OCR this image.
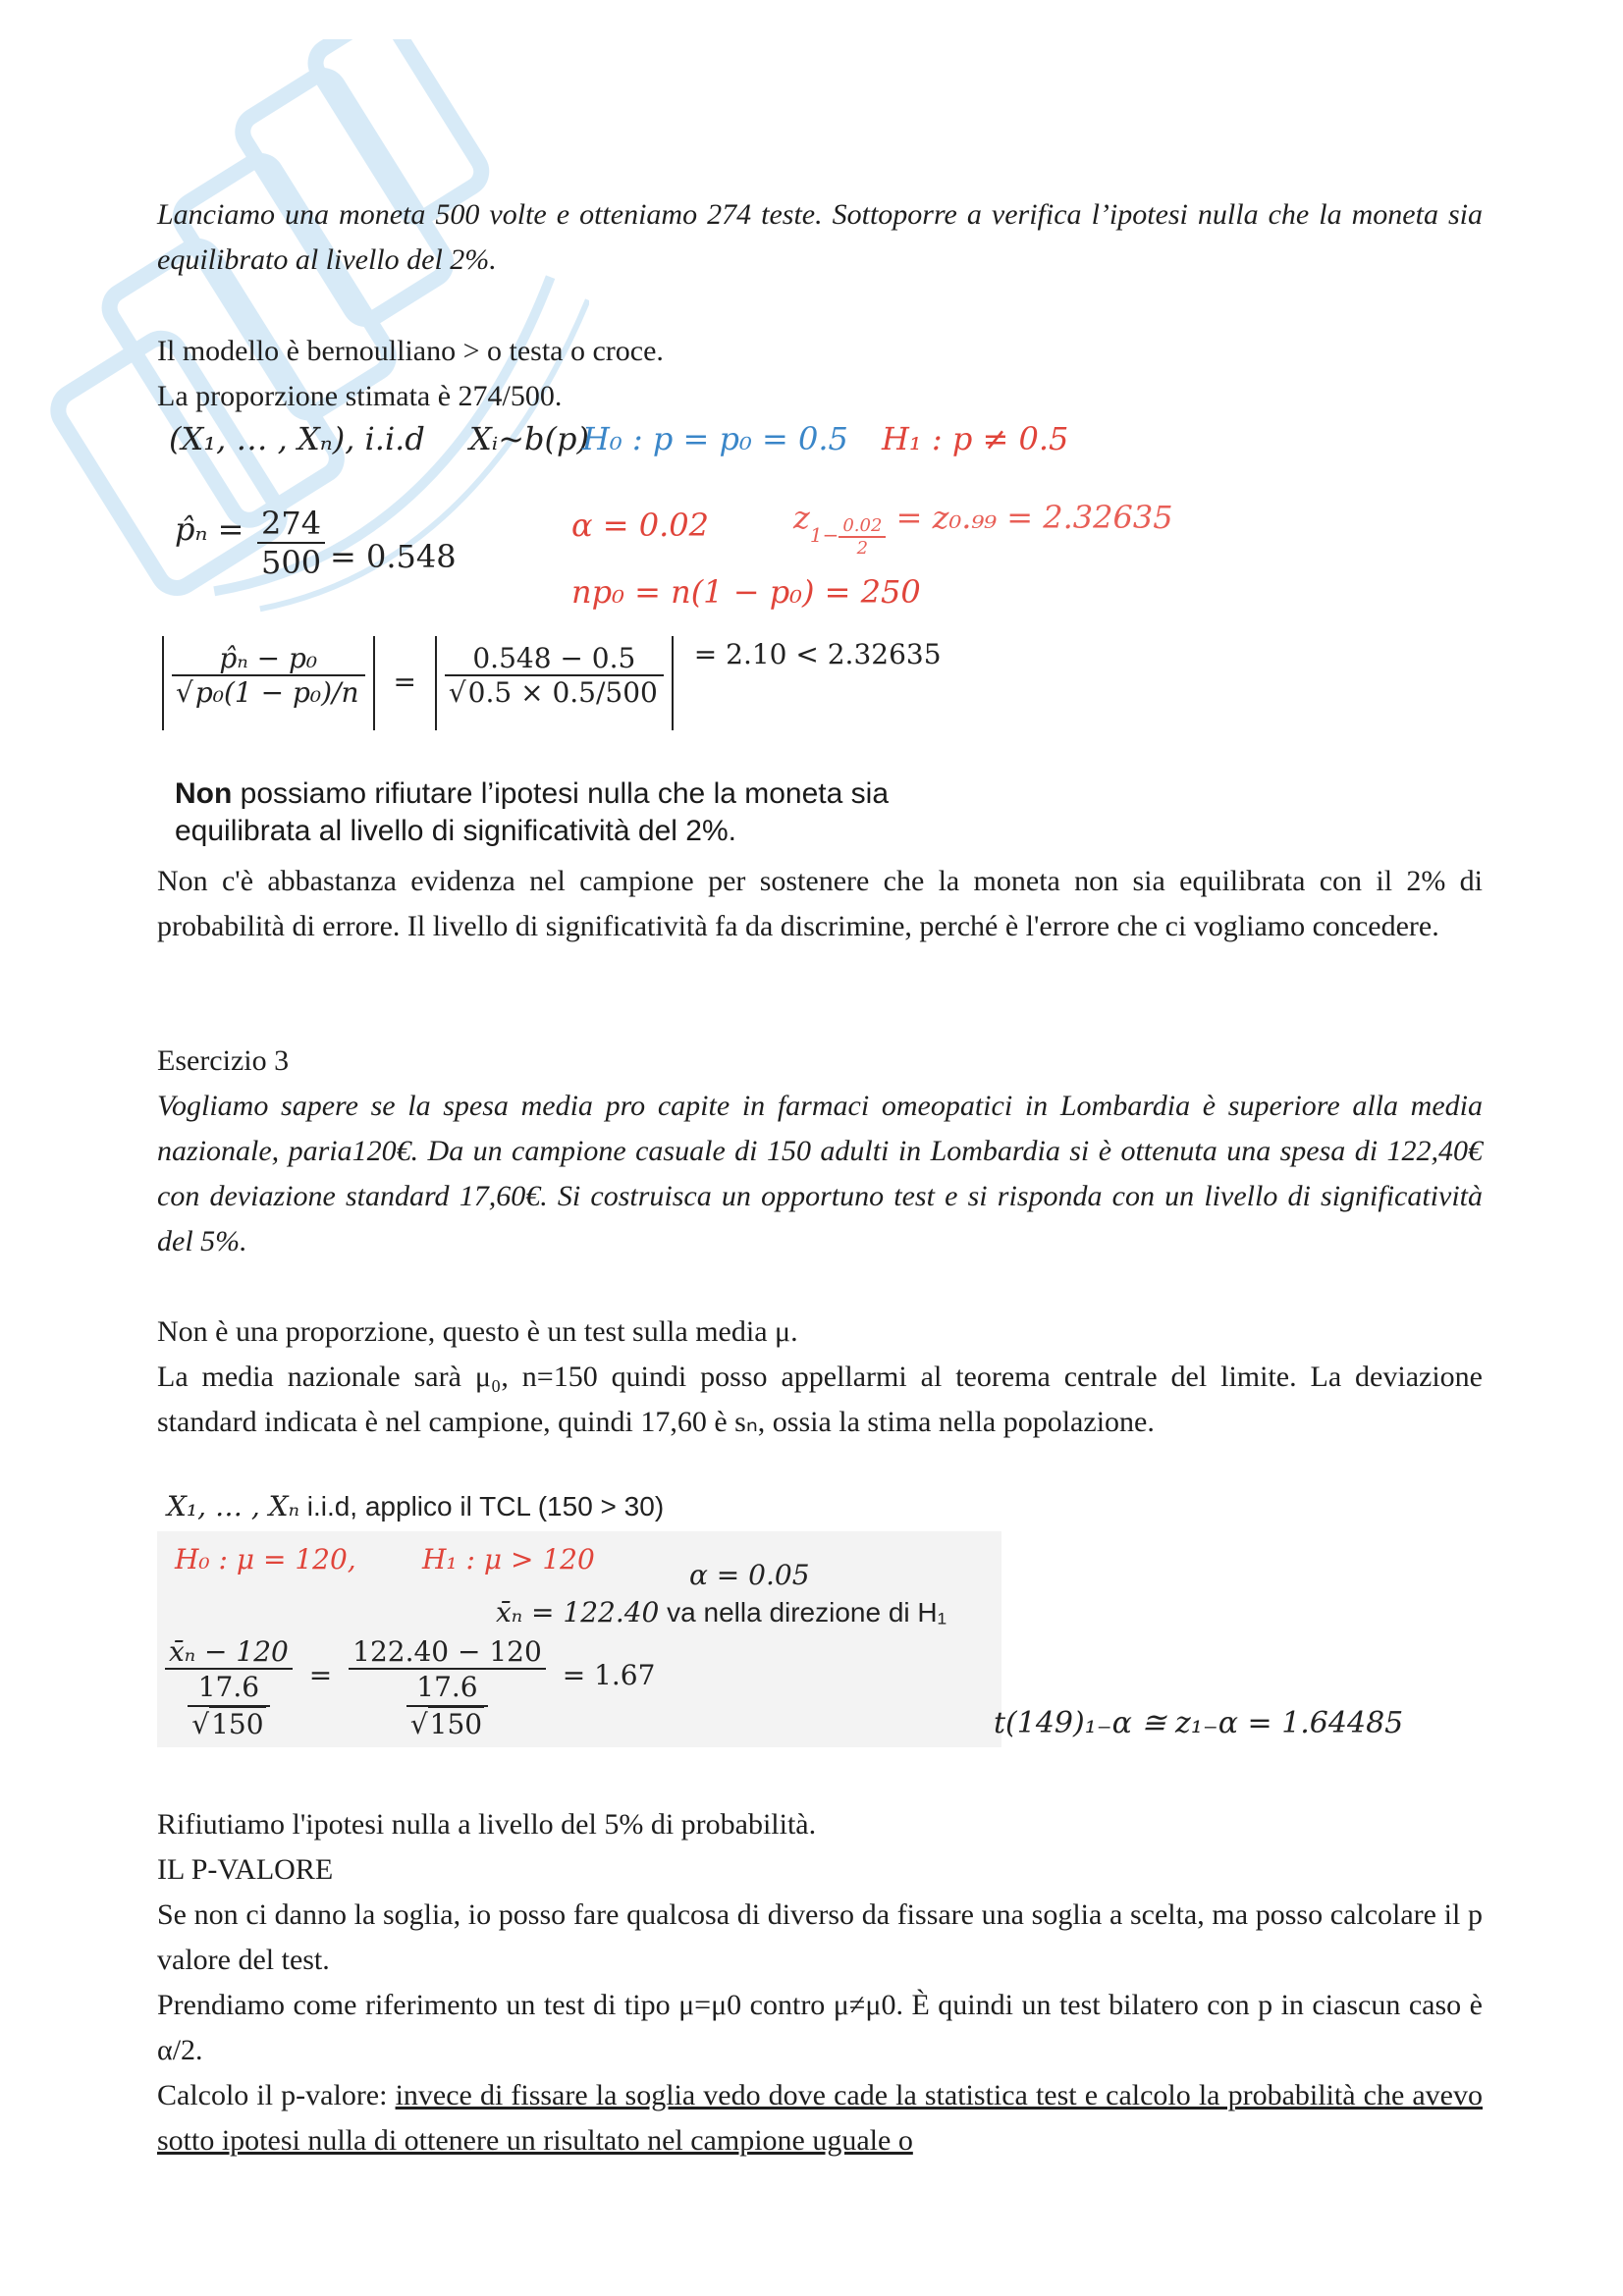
Lanciamo una moneta 500 volte e otteniamo 274 teste. Sottoporre a verifica l’ipotesi nulla che la moneta sia equilibrato al livello del 2%.

Il modello è bernoulliano > o testa o croce.

La proporzione stimata è 274/500.

(X₁, … , Xₙ), i.i.d Xᵢ~b(p)
H₀ : p = p₀ = 0.5 H₁ : p ≠ 0.5
p̂ₙ = $\frac{274}{500} = 0.548$
α = 0.02	$z_{1- \frac{0.02}{2}} = z_0._{99} = 2.32635$
np₀ = n(1 − p₀) = 250
$\frac{\text{p̂ₙ − p₀}}{\text{√p₀(1 − p₀)/n}} = \frac{0.548 - 0.5}{√0.5 \times 0.5/500} = 2.10 < 2.32635$
Non possiamo rifiutare l’ipotesi nulla che la moneta sia
equilibrata al livello di significatività del 2%.

Non c'è abbastanza evidenza nel campione per sostenere che la moneta non sia equilibrata con il 2% di probabilità di errore. Il livello di significatività fa da discrimine, perché è l'errore che ci vogliamo concedere.

Esercizio 3

Vogliamo sapere se la spesa media pro capite in farmaci omeopatici in Lombardia è superiore alla media nazionale, paria120€. Da un campione casuale di 150 adulti in Lombardia si è ottenuta una spesa di 122,40€ con deviazione standard 17,60€. Si costruisca un opportuno test e si risponda con un livello di significatività del 5%.

Non è una proporzione, questo è un test sulla media μ.

La media nazionale sarà μ₀, n=150 quindi posso appellarmi al teorema centrale del limite. La deviazione standard indicata è nel campione, quindi 17,60 è sₙ, ossia la stima nella popolazione.

X₁, … , Xₙ i.i.d, applico il TCL (150 > 30)
H₀ : μ = 120, H₁ : μ > 120	α = 0.05
x̄ₙ = 122.40 va nella direzione di H₁
$\frac{\text{x̄ₙ − 120}}{\frac{17.6}{√150}} = \frac{122.40 - 120}{\frac{17.6}{√150}} = 1.67$
t(149)₁₋α ≅ z₁₋α = 1.64485

Rifiutiamo l'ipotesi nulla a livello del 5% di probabilità.

IL P-VALORE

Se non ci danno la soglia, io posso fare qualcosa di diverso da fissare una soglia a scelta, ma posso calcolare il p valore del test.

Prendiamo come riferimento un test di tipo μ=μ0 contro μ≠μ0. È quindi un test bilatero con p in ciascun caso è α/2.

Calcolo il p-valore: invece di fissare la soglia vedo dove cade la statistica test e calcolo la probabilità che avevo sotto ipotesi nulla di ottenere un risultato nel campione uguale o
